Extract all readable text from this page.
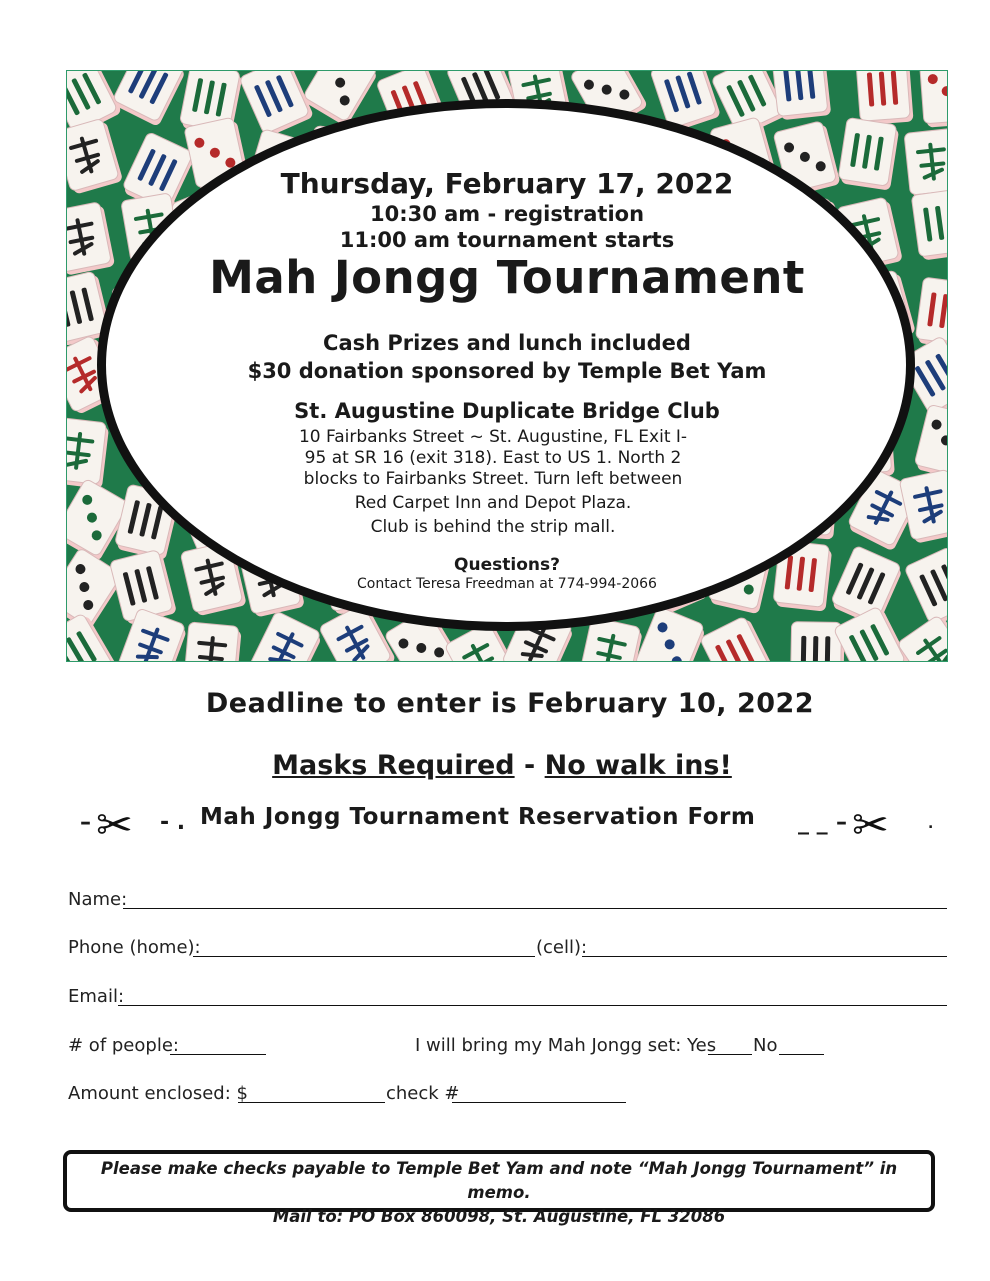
Thursday, February 17, 2022
10:30 am - registration
11:00 am tournament starts
Mah Jongg Tournament
Cash Prizes and lunch included
$30 donation sponsored by Temple Bet Yam
St. Augustine Duplicate Bridge Club
10 Fairbanks Street ~ St. Augustine, FL Exit I-
95 at SR 16 (exit 318). East to US 1. North 2
blocks to Fairbanks Street. Turn left between
Red Carpet Inn and Depot Plaza.
Club is behind the strip mall.
Questions?
Contact Teresa Freedman at 774-994-2066
Deadline to enter is February 10, 2022
Masks Required - No walk ins!
– ✂ - . Mah Jongg Tournament Reservation Form _ _ – ✂	.
Name:
Phone (home):	(cell):
Email:
# of people:	I will bring my Mah Jongg set: Yes No
Amount enclosed: $	check #
Please make checks payable to Temple Bet Yam and note “Mah Jongg Tournament” in memo.
Mail to: PO Box 860098, St. Augustine, FL 32086
